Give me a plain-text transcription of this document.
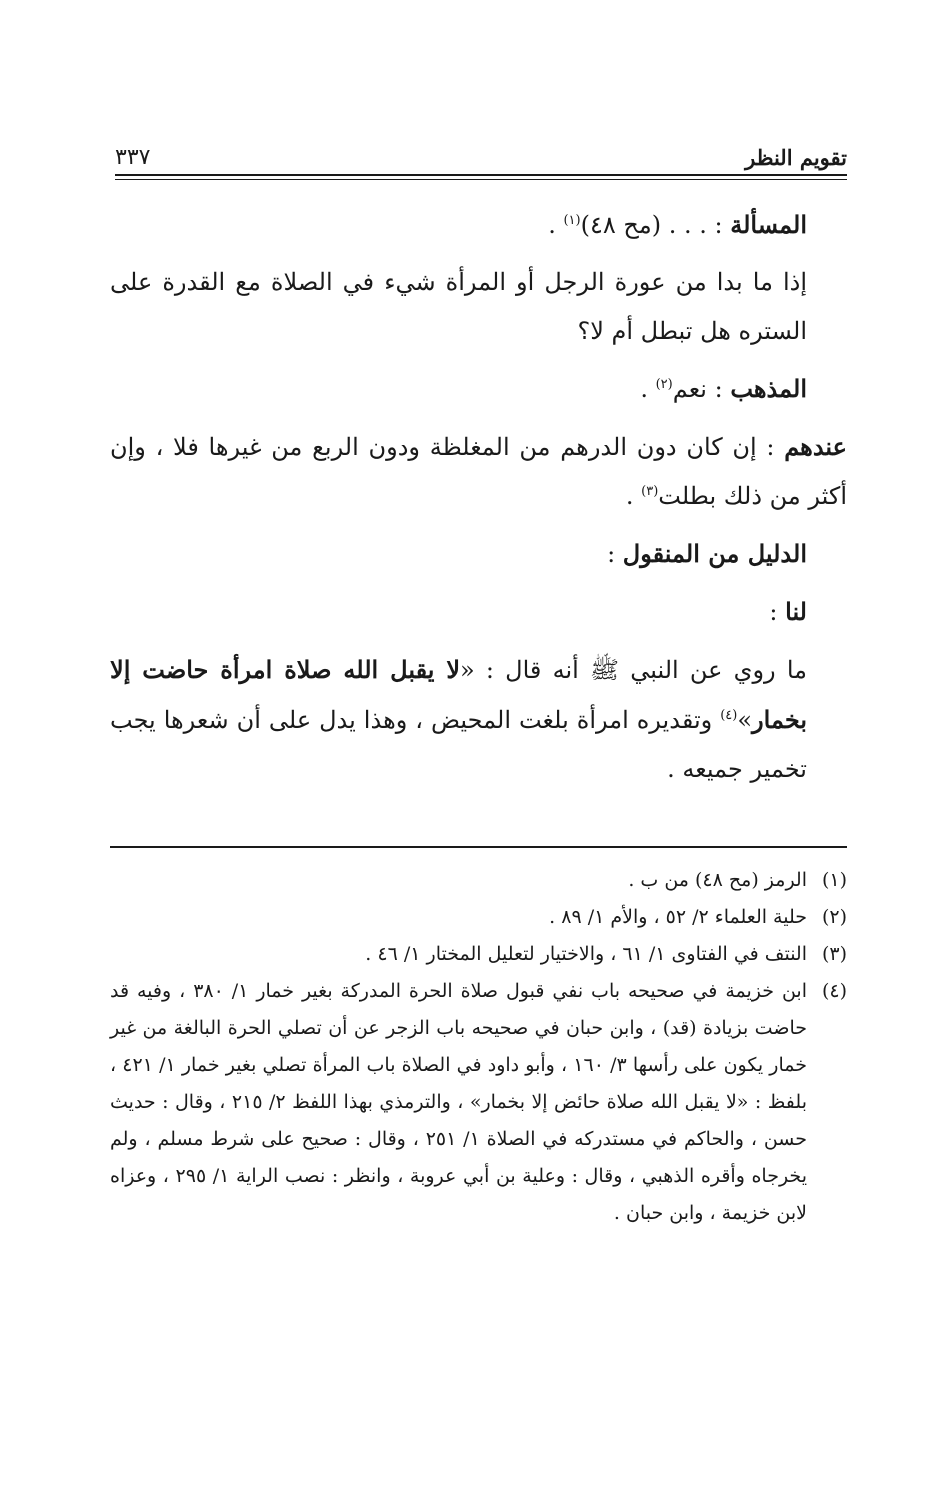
تقويم النظر
٣٣٧

المسألة : . . . (مح ٤٨)$^{(١)}$ .

إذا ما بدا من عورة الرجل أو المرأة شيء في الصلاة مع القدرة على الستره هل تبطل أم لا؟

المذهب : نعم$^{(٢)}$ .

عندهم : إن كان دون الدرهم من المغلظة ودون الربع من غيرها فلا ، وإن أكثر من ذلك بطلت$^{(٣)}$ .

الدليل من المنقول :

لنا :

ما روي عن النبي ﷺ أنه قال : «لا يقبل الله صلاة امرأة حاضت إلا بخمار»$^{(٤)}$ وتقديره امرأة بلغت المحيض ، وهذا يدل على أن شعرها يجب تخمير جميعه .

(١)
الرمز (مح ٤٨) من ب .
(٢)
حلية العلماء ٢/ ٥٢ ، والأم ١/ ٨٩ .
(٣)
النتف في الفتاوى ١/ ٦١ ، والاختيار لتعليل المختار ١/ ٤٦ .
(٤)
ابن خزيمة في صحيحه باب نفي قبول صلاة الحرة المدركة بغير خمار ١/ ٣٨٠ ، وفيه قد حاضت بزيادة (قد) ، وابن حبان في صحيحه باب الزجر عن أن تصلي الحرة البالغة من غير خمار يكون على رأسها ٣/ ١٦٠ ، وأبو داود في الصلاة باب المرأة تصلي بغير خمار ١/ ٤٢١ ، بلفظ : «لا يقبل الله صلاة حائض إلا بخمار» ، والترمذي بهذا اللفظ ٢/ ٢١٥ ، وقال : حديث حسن ، والحاكم في مستدركه في الصلاة ١/ ٢٥١ ، وقال : صحيح على شرط مسلم ، ولم يخرجاه وأقره الذهبي ، وقال : وعلية بن أبي عروبة ، وانظر : نصب الراية ١/ ٢٩٥ ، وعزاه لابن خزيمة ، وابن حبان .
